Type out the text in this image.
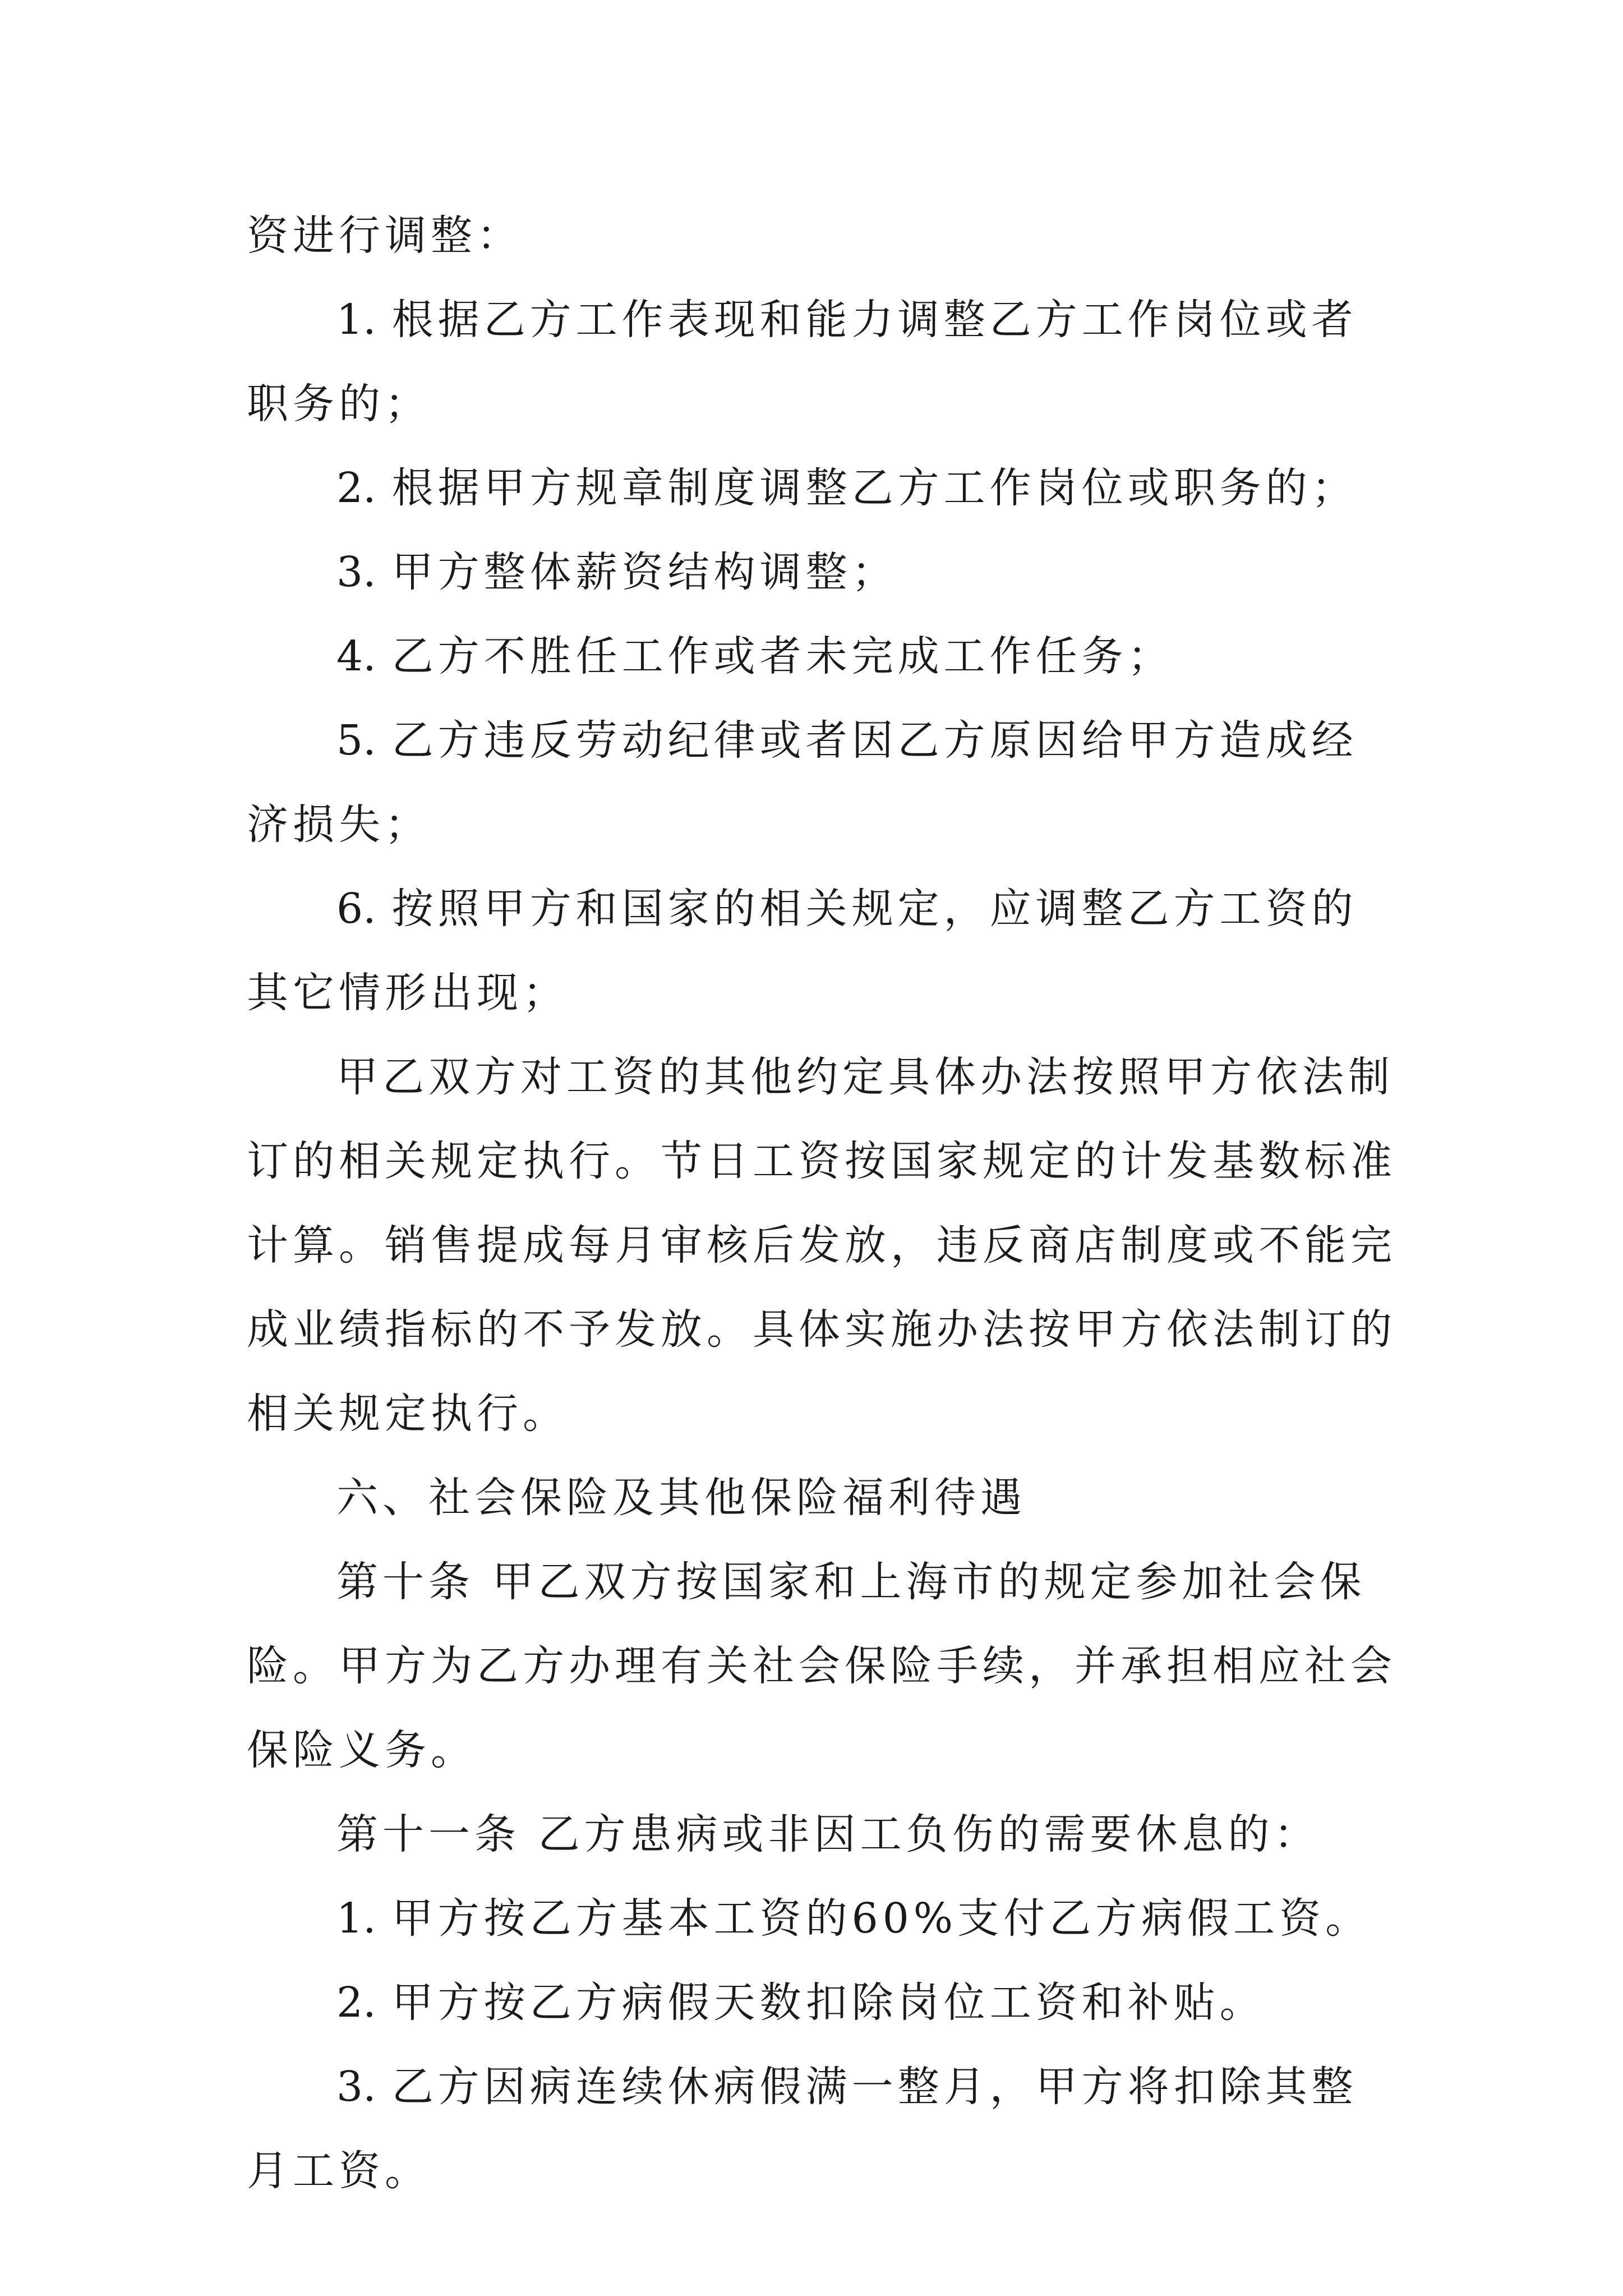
资进行调整：

1. 根据乙方工作表现和能力调整乙方工作岗位或者职务的；

2. 根据甲方规章制度调整乙方工作岗位或职务的；

3. 甲方整体薪资结构调整；

4. 乙方不胜任工作或者未完成工作任务；

5. 乙方违反劳动纪律或者因乙方原因给甲方造成经济损失；

6. 按照甲方和国家的相关规定，应调整乙方工资的其它情形出现；

甲乙双方对工资的其他约定具体办法按照甲方依法制订的相关规定执行。节日工资按国家规定的计发基数标准计算。销售提成每月审核后发放，违反商店制度或不能完成业绩指标的不予发放。具体实施办法按甲方依法制订的相关规定执行。

六、社会保险及其他保险福利待遇

第十条 甲乙双方按国家和上海市的规定参加社会保险。甲方为乙方办理有关社会保险手续，并承担相应社会保险义务。

第十一条 乙方患病或非因工负伤的需要休息的：

1. 甲方按乙方基本工资的60%支付乙方病假工资。

2. 甲方按乙方病假天数扣除岗位工资和补贴。

3. 乙方因病连续休病假满一整月，甲方将扣除其整月工资。
